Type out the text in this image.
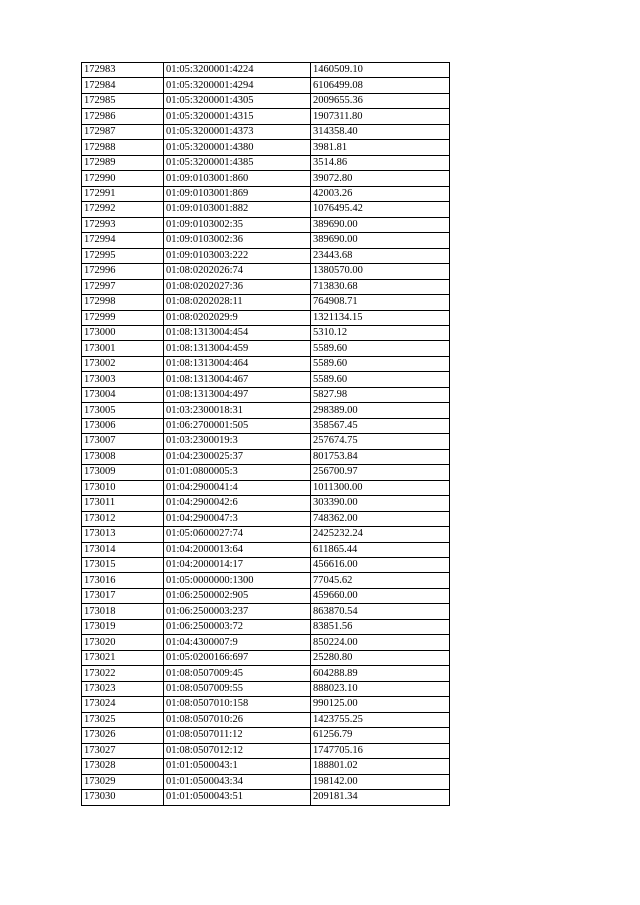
172983	01:05:3200001:4224	1460509.10
172984	01:05:3200001:4294	6106499.08
172985	01:05:3200001:4305	2009655.36
172986	01:05:3200001:4315	1907311.80
172987	01:05:3200001:4373	314358.40
172988	01:05:3200001:4380	3981.81
172989	01:05:3200001:4385	3514.86
172990	01:09:0103001:860	39072.80
172991	01:09:0103001:869	42003.26
172992	01:09:0103001:882	1076495.42
172993	01:09:0103002:35	389690.00
172994	01:09:0103002:36	389690.00
172995	01:09:0103003:222	23443.68
172996	01:08:0202026:74	1380570.00
172997	01:08:0202027:36	713830.68
172998	01:08:0202028:11	764908.71
172999	01:08:0202029:9	1321134.15
173000	01:08:1313004:454	5310.12
173001	01:08:1313004:459	5589.60
173002	01:08:1313004:464	5589.60
173003	01:08:1313004:467	5589.60
173004	01:08:1313004:497	5827.98
173005	01:03:2300018:31	298389.00
173006	01:06:2700001:505	358567.45
173007	01:03:2300019:3	257674.75
173008	01:04:2300025:37	801753.84
173009	01:01:0800005:3	256700.97
173010	01:04:2900041:4	1011300.00
173011	01:04:2900042:6	303390.00
173012	01:04:2900047:3	748362.00
173013	01:05:0600027:74	2425232.24
173014	01:04:2000013:64	611865.44
173015	01:04:2000014:17	456616.00
173016	01:05:0000000:1300	77045.62
173017	01:06:2500002:905	459660.00
173018	01:06:2500003:237	863870.54
173019	01:06:2500003:72	83851.56
173020	01:04:4300007:9	850224.00
173021	01:05:0200166:697	25280.80
173022	01:08:0507009:45	604288.89
173023	01:08:0507009:55	888023.10
173024	01:08:0507010:158	990125.00
173025	01:08:0507010:26	1423755.25
173026	01:08:0507011:12	61256.79
173027	01:08:0507012:12	1747705.16
173028	01:01:0500043:1	188801.02
173029	01:01:0500043:34	198142.00
173030	01:01:0500043:51	209181.34
